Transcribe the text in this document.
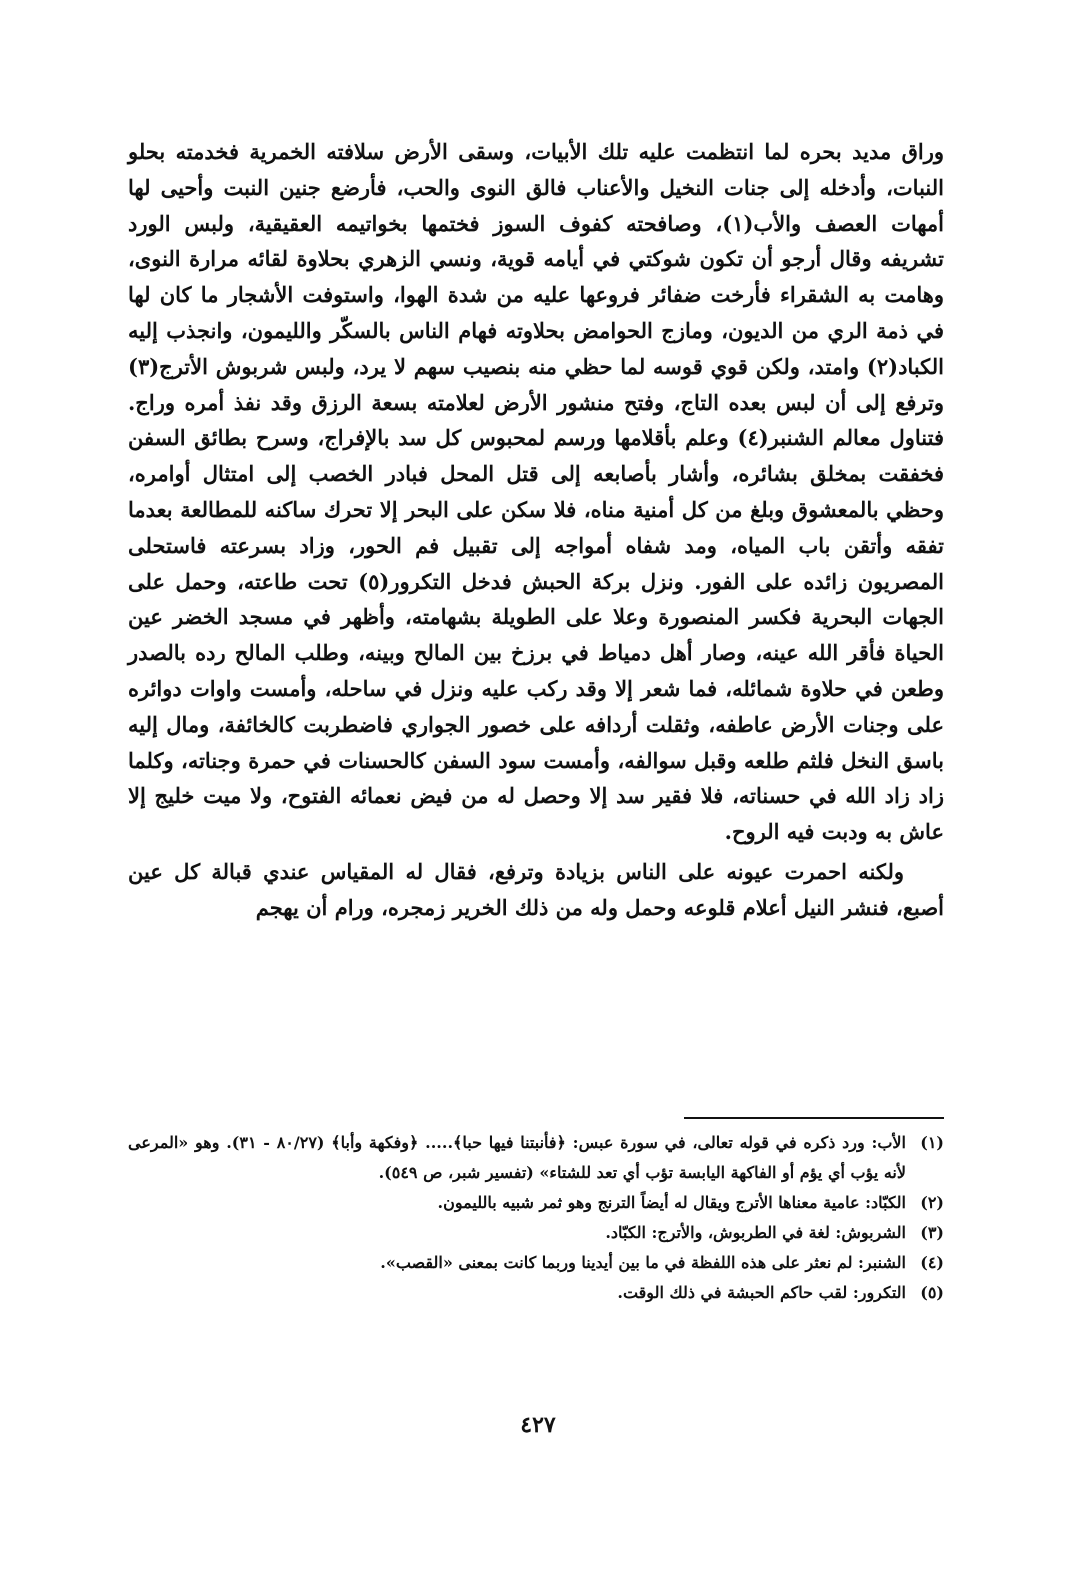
وراق مديد بحره لما انتظمت عليه تلك الأبيات، وسقى الأرض سلافته الخمرية فخدمته بحلو النبات، وأدخله إلى جنات النخيل والأعناب فالق النوى والحب، فأرضع جنين النبت وأحيى لها أمهات العصف والأب(١)، وصافحته كفوف السوز فختمها بخواتيمه العقيقية، ولبس الورد تشريفه وقال أرجو أن تكون شوكتي في أيامه قوية، ونسي الزهري بحلاوة لقائه مرارة النوى، وهامت به الشقراء فأرخت ضفائر فروعها عليه من شدة الهوا، واستوفت الأشجار ما كان لها في ذمة الري من الديون، ومازج الحوامض بحلاوته فهام الناس بالسكّر والليمون، وانجذب إليه الكباد(٢) وامتد، ولكن قوي قوسه لما حظي منه بنصيب سهم لا يرد، ولبس شربوش الأترج(٣) وترفع إلى أن لبس بعده التاج، وفتح منشور الأرض لعلامته بسعة الرزق وقد نفذ أمره وراج. فتناول معالم الشنبر(٤) وعلم بأقلامها ورسم لمحبوس كل سد بالإفراج، وسرح بطائق السفن فخفقت بمخلق بشائره، وأشار بأصابعه إلى قتل المحل فبادر الخصب إلى امتثال أوامره، وحظي بالمعشوق وبلغ من كل أمنية مناه، فلا سكن على البحر إلا تحرك ساكنه للمطالعة بعدما تفقه وأتقن باب المياه، ومد شفاه أمواجه إلى تقبيل فم الحور، وزاد بسرعته فاستحلى المصريون زائده على الفور. ونزل بركة الحبش فدخل التكرور(٥) تحت طاعته، وحمل على الجهات البحرية فكسر المنصورة وعلا على الطويلة بشهامته، وأظهر في مسجد الخضر عين الحياة فأقر الله عينه، وصار أهل دمياط في برزخ بين المالح وبينه، وطلب المالح رده بالصدر وطعن في حلاوة شمائله، فما شعر إلا وقد ركب عليه ونزل في ساحله، وأمست واوات دوائره على وجنات الأرض عاطفه، وثقلت أردافه على خصور الجواري فاضطربت كالخائفة، ومال إليه باسق النخل فلثم طلعه وقبل سوالفه، وأمست سود السفن كالحسنات في حمرة وجناته، وكلما زاد زاد الله في حسناته، فلا فقير سد إلا وحصل له من فيض نعمائه الفتوح، ولا ميت خليج إلا عاش به ودبت فيه الروح.

ولكنه احمرت عيونه على الناس بزيادة وترفع، فقال له المقياس عندي قبالة كل عين أصبع، فنشر النيل أعلام قلوعه وحمل وله من ذلك الخرير زمجره، ورام أن يهجم

(١)
الأب: ورد ذكره في قوله تعالى، في سورة عبس: ﴿فأنبتنا فيها حبا﴾..... ﴿وفكهة وأبا﴾ (٨٠/٢٧ - ٣١). وهو «المرعى لأنه يؤب أي يؤم أو الفاكهة اليابسة تؤب أي تعد للشتاء» (تفسير شبر، ص ٥٤٩).

(٢)
الكبّاد: عامية معناها الأترج ويقال له أيضاً الترنج وهو ثمر شبيه بالليمون.

(٣)
الشربوش: لغة في الطربوش، والأترج: الكبّاد.

(٤)
الشنبر: لم نعثر على هذه اللفظة في ما بين أيدينا وربما كانت بمعنى «القصب».

(٥)
التكرور: لقب حاكم الحبشة في ذلك الوقت.

٤٢٧
